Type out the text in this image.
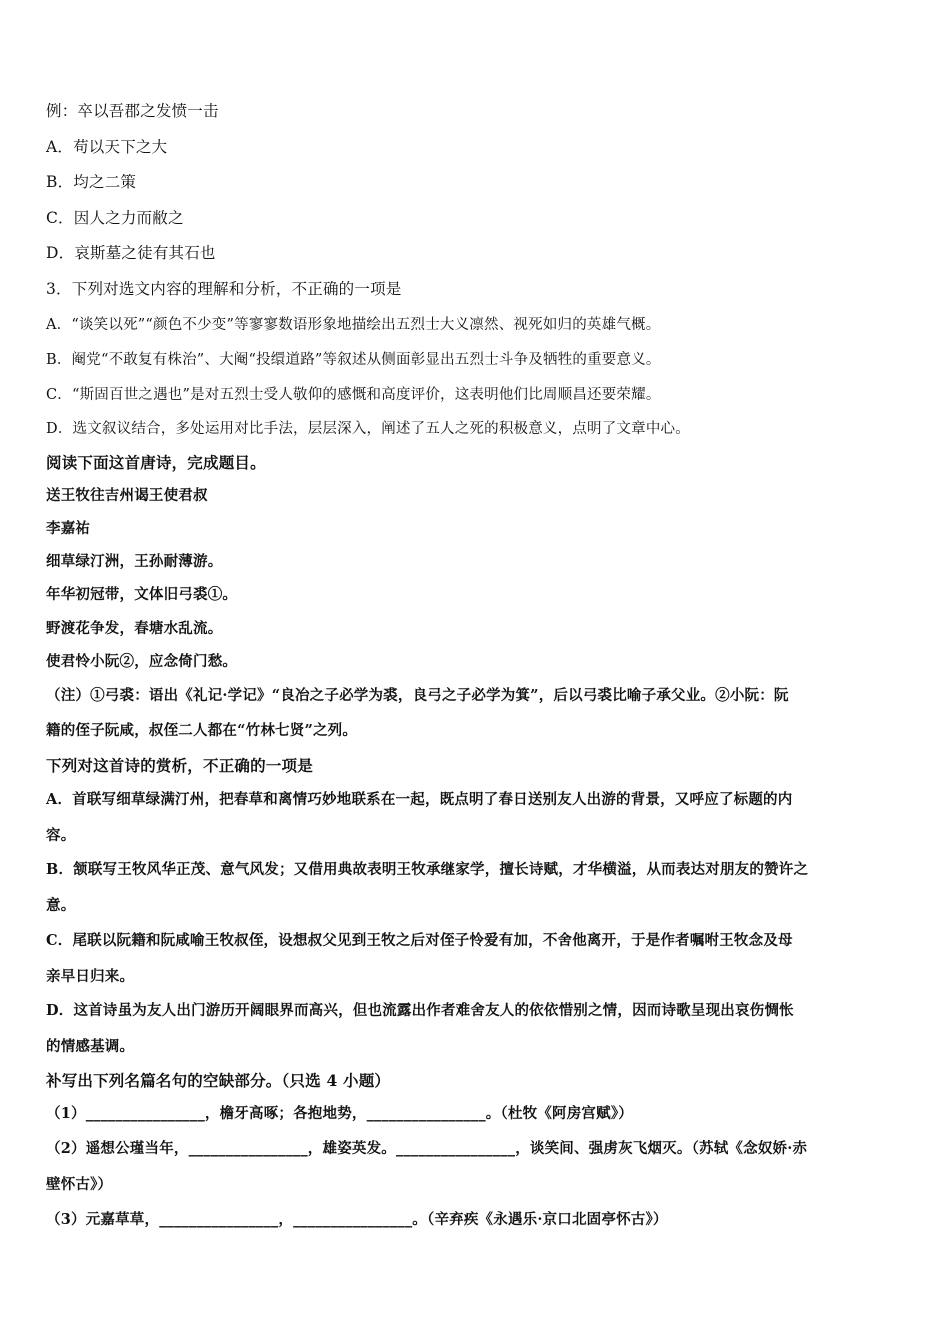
例：卒以吾郡之发愤一击
A．苟以天下之大
B．均之二策
C．因人之力而敝之
D．哀斯墓之徒有其石也
3．下列对选文内容的理解和分析，不正确的一项是
A．“谈笑以死”“颜色不少变”等寥寥数语形象地描绘出五烈士大义凛然、视死如归的英雄气概。
B．阉党“不敢复有株治”、大阉“投缳道路”等叙述从侧面彰显出五烈士斗争及牺牲的重要意义。
C．“斯固百世之遇也”是对五烈士受人敬仰的感慨和高度评价，这表明他们比周顺昌还要荣耀。
D．选文叙议结合，多处运用对比手法，层层深入，阐述了五人之死的积极意义，点明了文章中心。
阅读下面这首唐诗，完成题目。
送王牧往吉州谒王使君叔
李嘉祐
细草绿汀洲，王孙耐薄游。
年华初冠带，文体旧弓裘①。
野渡花争发，春塘水乱流。
使君怜小阮②，应念倚门愁。
（注）①弓裘：语出《礼记·学记》“良冶之子必学为裘，良弓之子必学为箕”，后以弓裘比喻子承父业。②小阮：阮
籍的侄子阮咸，叔侄二人都在“竹林七贤”之列。
下列对这首诗的赏析，不正确的一项是
A．首联写细草绿满汀州，把春草和离情巧妙地联系在一起，既点明了春日送别友人出游的背景，又呼应了标题的内
容。
B．颔联写王牧风华正茂、意气风发；又借用典故表明王牧承继家学，擅长诗赋，才华横溢，从而表达对朋友的赞许之
意。
C．尾联以阮籍和阮咸喻王牧叔侄，设想叔父见到王牧之后对侄子怜爱有加，不舍他离开，于是作者嘱咐王牧念及母
亲早日归来。
D．这首诗虽为友人出门游历开阔眼界而高兴，但也流露出作者难舍友人的依依惜别之情，因而诗歌呈现出哀伤惆怅
的情感基调。
补写出下列名篇名句的空缺部分。（只选 4 小题）
（1）________________，檐牙高啄；各抱地势，________________。（杜牧《阿房宫赋》）
（2）遥想公瑾当年，________________，雄姿英发。________________，谈笑间、强虏灰飞烟灭。（苏轼《念奴娇·赤
壁怀古》）
（3）元嘉草草，________________，________________。（辛弃疾《永遇乐·京口北固亭怀古》）
